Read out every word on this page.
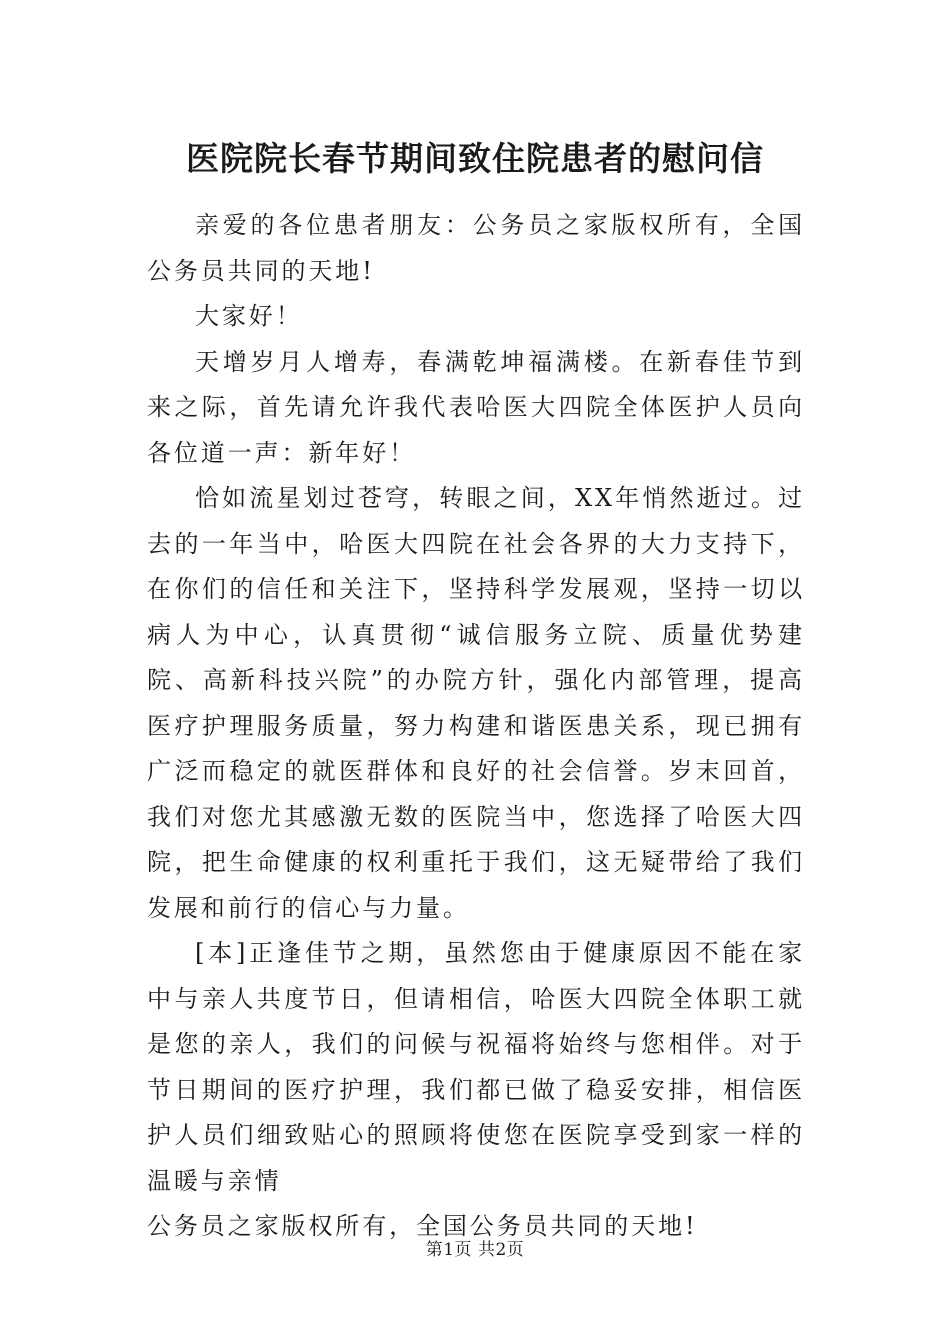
医院院长春节期间致住院患者的慰问信

亲爱的各位患者朋友：公务员之家版权所有，全国公务员共同的天地!

大家好！

天增岁月人增寿，春满乾坤福满楼。在新春佳节到来之际，首先请允许我代表哈医大四院全体医护人员向各位道一声：新年好！

恰如流星划过苍穹，转眼之间，XX年悄然逝过。过去的一年当中，哈医大四院在社会各界的大力支持下，在你们的信任和关注下，坚持科学发展观，坚持一切以病人为中心，认真贯彻“诚信服务立院、质量优势建院、高新科技兴院”的办院方针，强化内部管理，提高医疗护理服务质量，努力构建和谐医患关系，现已拥有广泛而稳定的就医群体和良好的社会信誉。岁末回首，我们对您尤其感激无数的医院当中，您选择了哈医大四院，把生命健康的权利重托于我们，这无疑带给了我们发展和前行的信心与力量。

[本]正逢佳节之期，虽然您由于健康原因不能在家中与亲人共度节日，但请相信，哈医大四院全体职工就是您的亲人，我们的问候与祝福将始终与您相伴。对于节日期间的医疗护理，我们都已做了稳妥安排，相信医护人员们细致贴心的照顾将使您在医院享受到家一样的温暖与亲情

公务员之家版权所有，全国公务员共同的天地!

第1页 共2页
